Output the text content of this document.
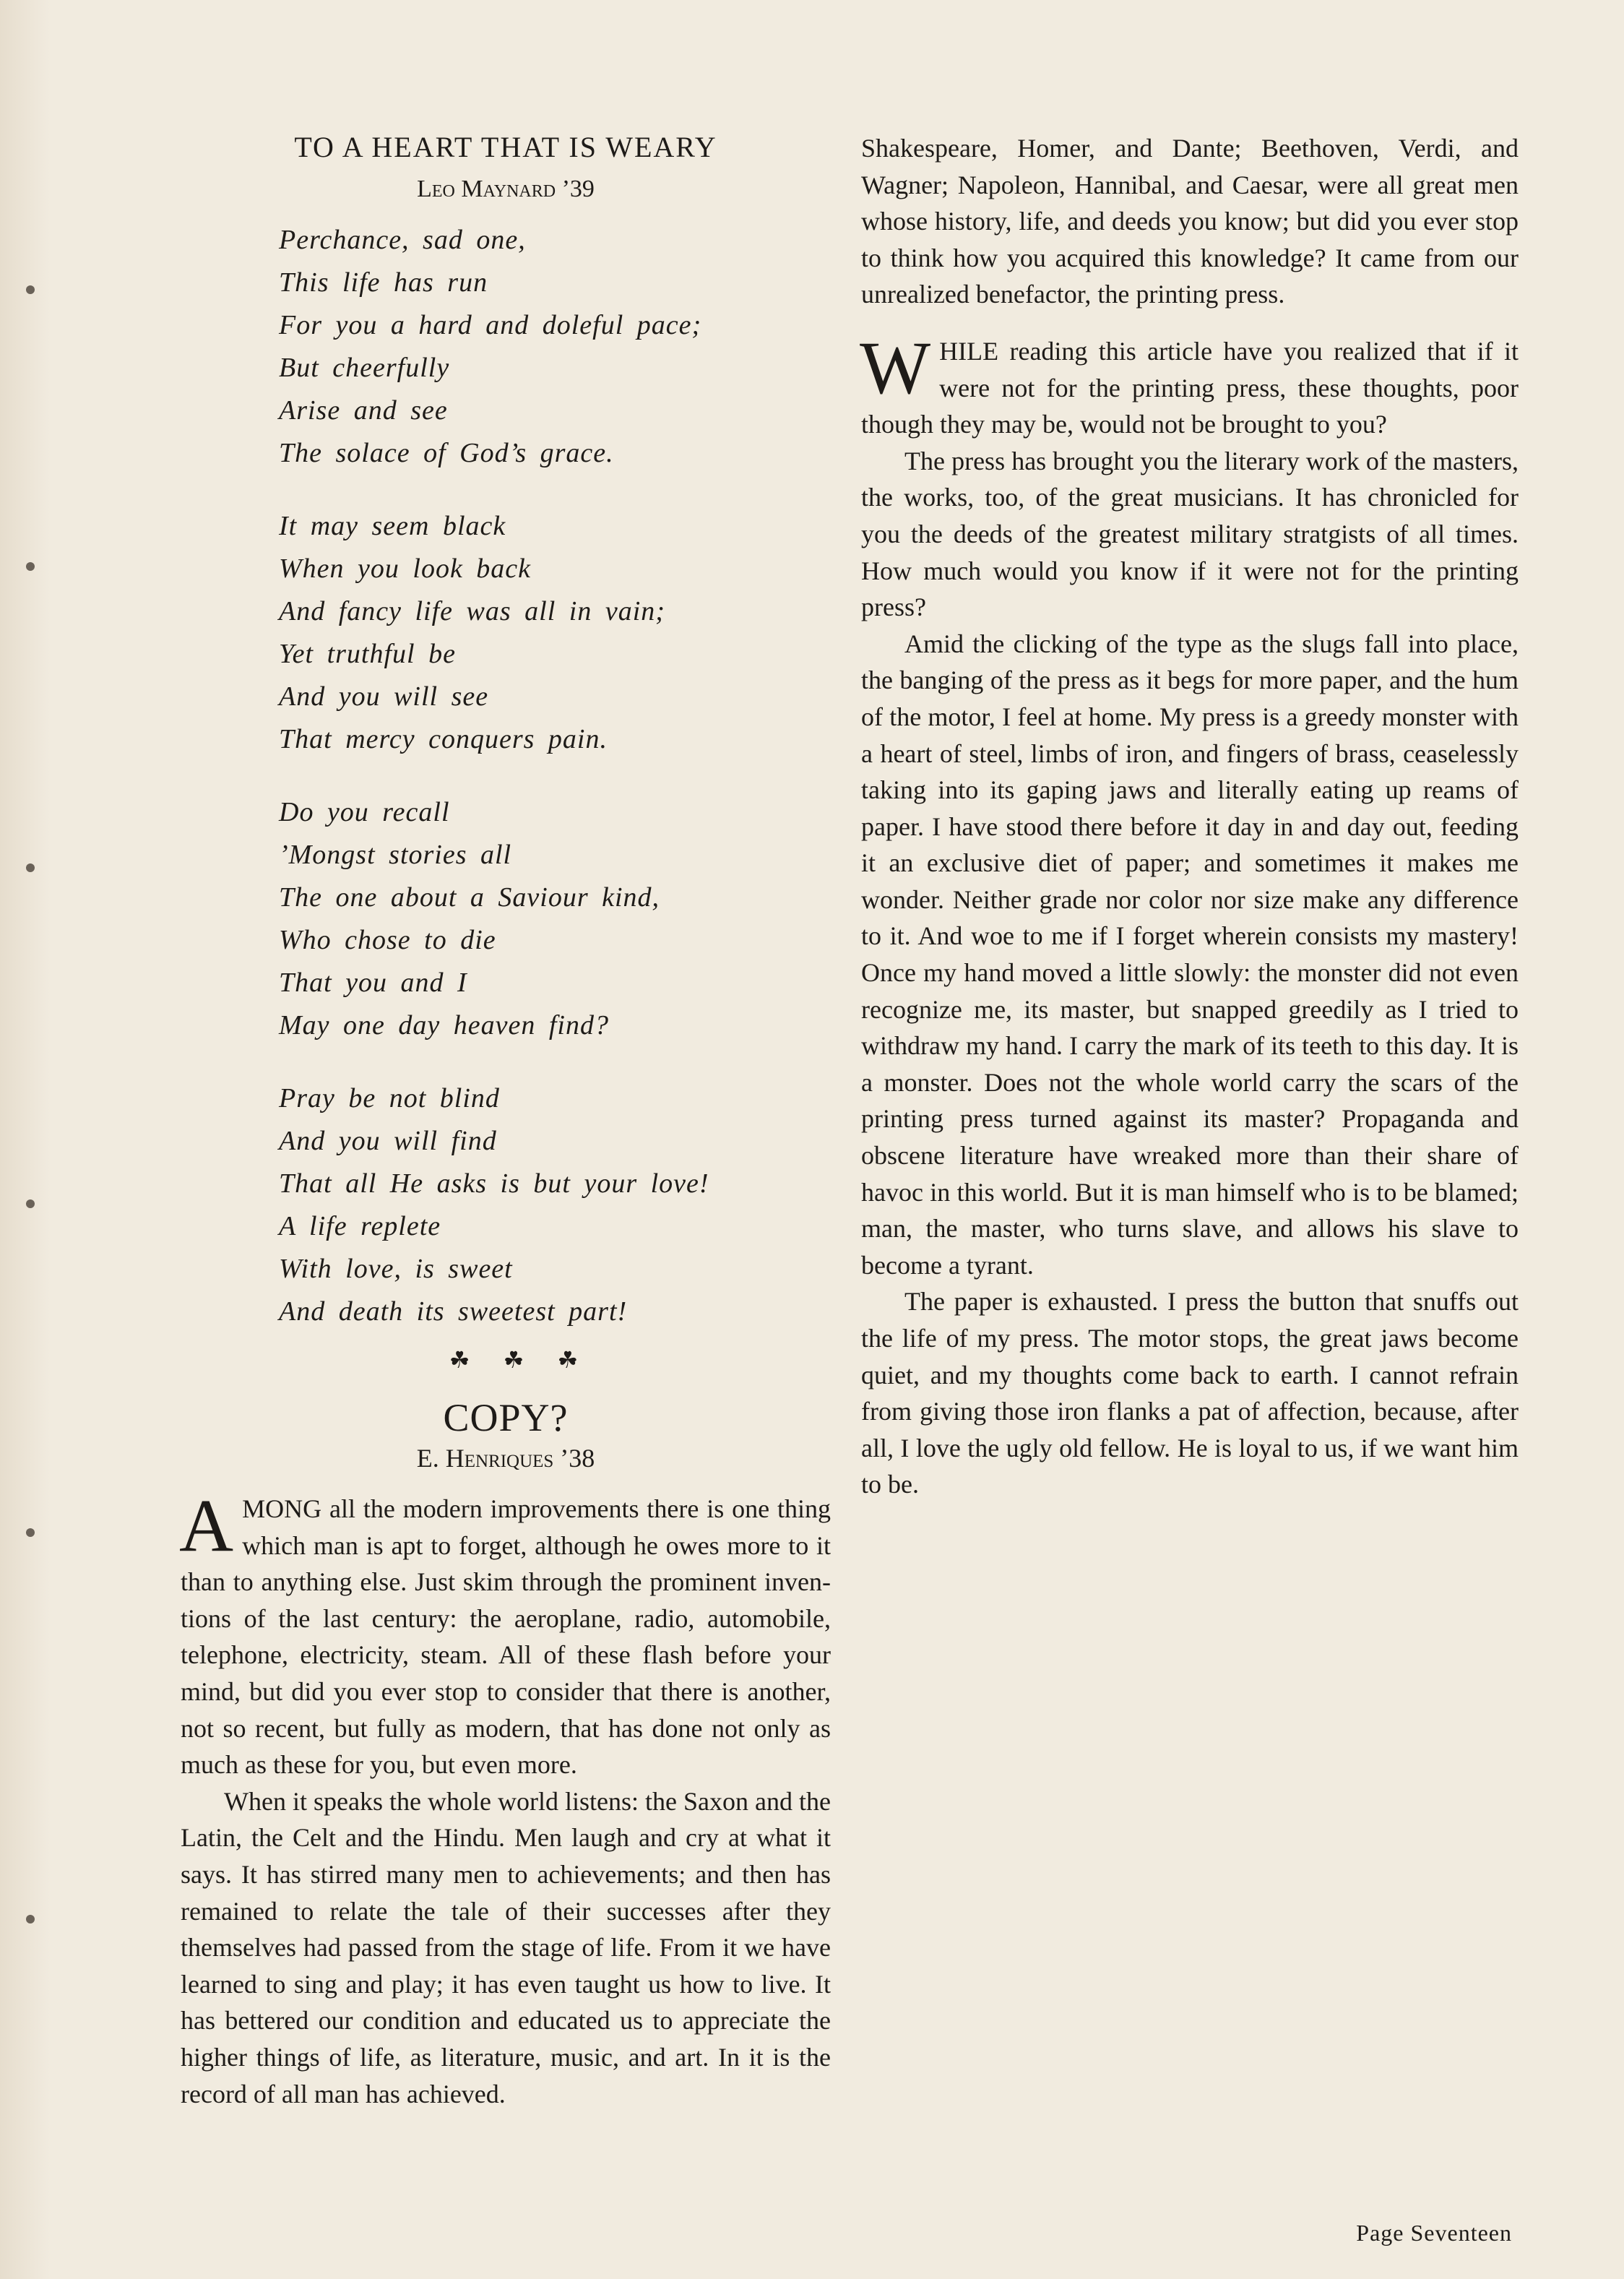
TO A HEART THAT IS WEARY
Leo Maynard ’39
Perchance, sad one,
This life has run
For you a hard and doleful pace;
But cheerfully
Arise and see
The solace of God’s grace.
It may seem black
When you look back
And fancy life was all in vain;
Yet truthful be
And you will see
That mercy conquers pain.
Do you recall
’Mongst stories all
The one about a Saviour kind,
Who chose to die
That you and I
May one day heaven find?
Pray be not blind
And you will find
That all He asks is but your love!
A life replete
With love, is sweet
And death its sweetest part!
☘ ☘ ☘
COPY?
E. Henriques ’38

AMONG all the modern improvements there is one thing which man is apt to forget, although he owes more to it than to anything else. Just skim through the prominent inventions of the last century: the aeroplane, radio, automobile, telephone, electricity, steam. All of these flash before your mind, but did you ever stop to consider that there is another, not so recent, but fully as modern, that has done not only as much as these for you, but even more.

When it speaks the whole world listens: the Saxon and the Latin, the Celt and the Hindu. Men laugh and cry at what it says. It has stirred many men to achievements; and then has remained to relate the tale of their successes after they themselves had passed from the stage of life. From it we have learned to sing and play; it has even taught us how to live. It has bettered our condition and educated us to appreciate the higher things of life, as literature, music, and art. In it is the record of all man has achieved.

Shakespeare, Homer, and Dante; Beethoven, Verdi, and Wagner; Napoleon, Hannibal, and Caesar, were all great men whose history, life, and deeds you know; but did you ever stop to think how you acquired this knowledge? It came from our unrealized benefactor, the printing press.

WHILE reading this article have you realized that if it were not for the printing press, these thoughts, poor though they may be, would not be brought to you?

The press has brought you the literary work of the masters, the works, too, of the great musicians. It has chronicled for you the deeds of the greatest military stratgists of all times. How much would you know if it were not for the printing press?

Amid the clicking of the type as the slugs fall into place, the banging of the press as it begs for more paper, and the hum of the motor, I feel at home. My press is a greedy monster with a heart of steel, limbs of iron, and fingers of brass, ceaselessly taking into its gaping jaws and literally eating up reams of paper. I have stood there before it day in and day out, feeding it an exclusive diet of paper; and sometimes it makes me wonder. Neither grade nor color nor size make any difference to it. And woe to me if I forget wherein consists my mastery! Once my hand moved a little slowly: the monster did not even recognize me, its master, but snapped greedily as I tried to withdraw my hand. I carry the mark of its teeth to this day. It is a monster. Does not the whole world carry the scars of the printing press turned against its master? Propaganda and obscene literature have wreaked more than their share of havoc in this world. But it is man himself who is to be blamed; man, the master, who turns slave, and allows his slave to become a tyrant.

The paper is exhausted. I press the button that snuffs out the life of my press. The motor stops, the great jaws become quiet, and my thoughts come back to earth. I cannot refrain from giving those iron flanks a pat of affection, because, after all, I love the ugly old fellow. He is loyal to us, if we want him to be.

Page Seventeen
